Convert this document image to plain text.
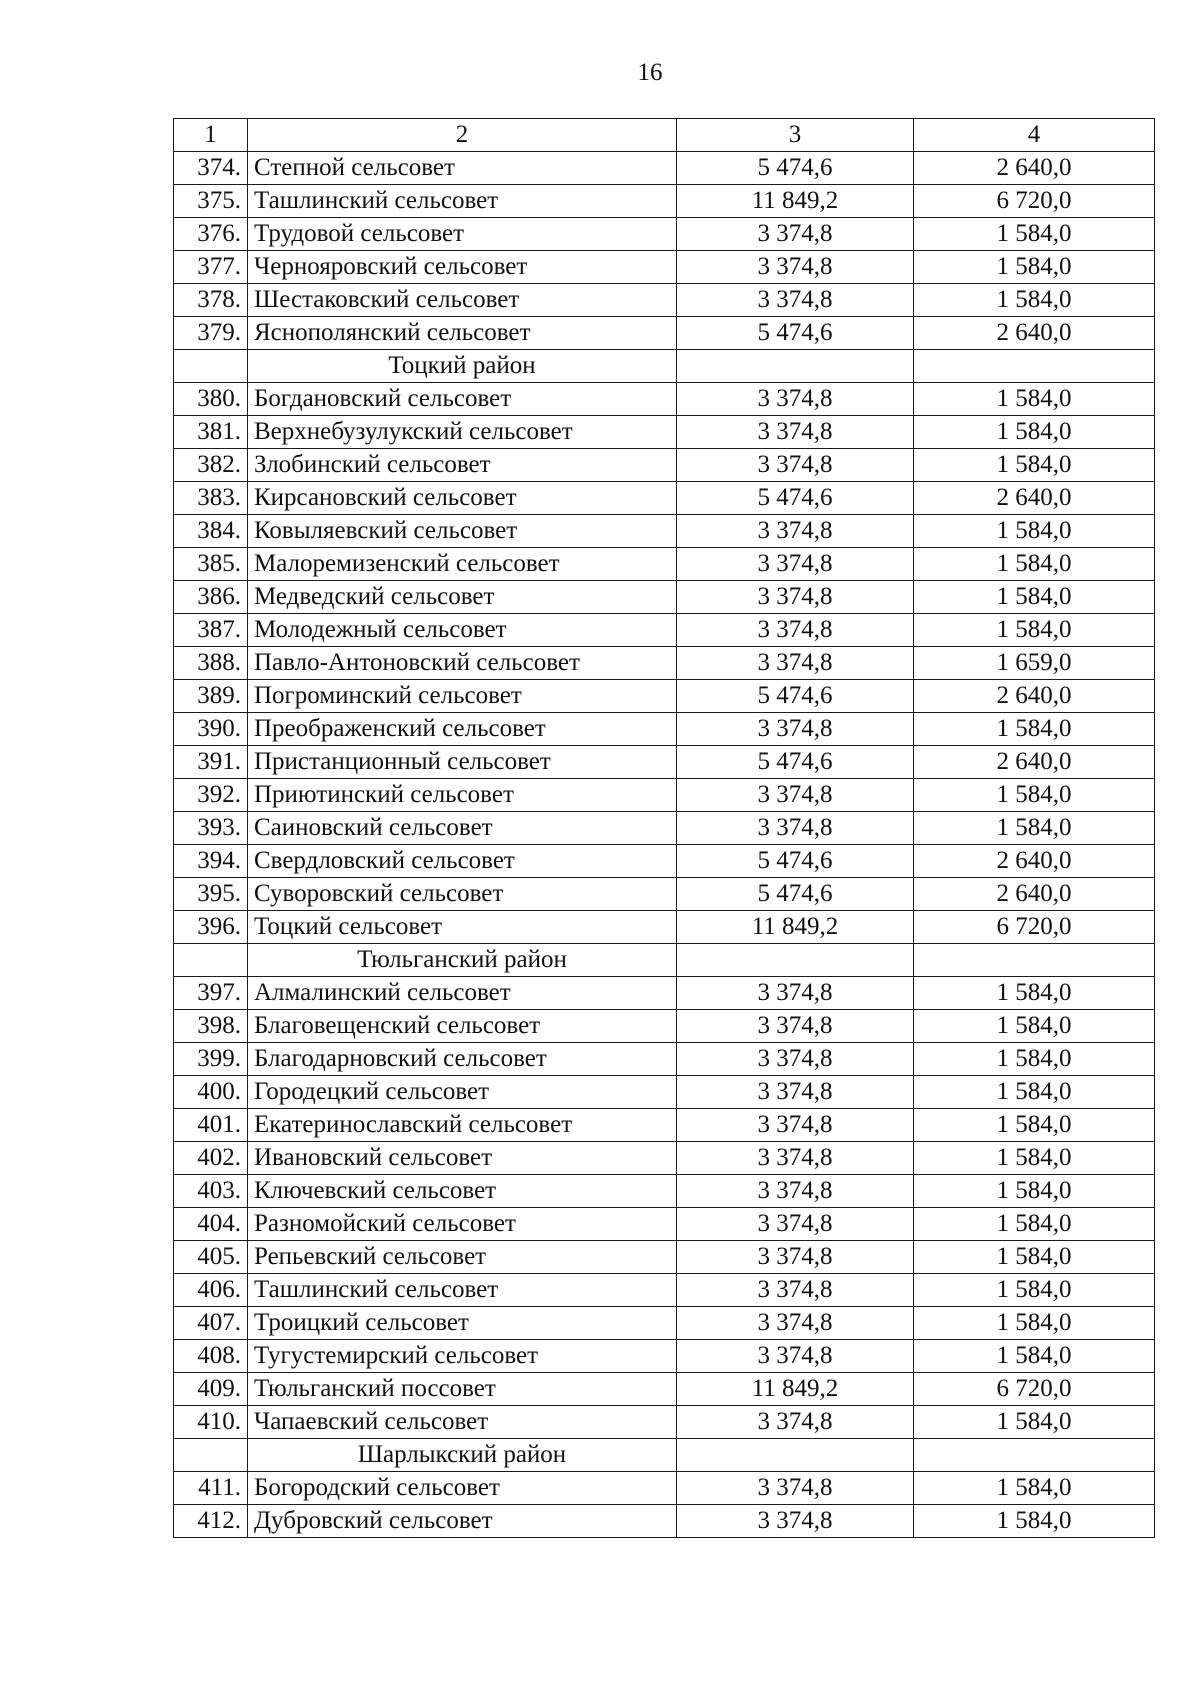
16
1	2	3	4
374.	Степной сельсовет	5 474,6	2 640,0
375.	Ташлинский сельсовет	11 849,2	6 720,0
376.	Трудовой сельсовет	3 374,8	1 584,0
377.	Черноярoвский сельсовет	3 374,8	1 584,0
378.	Шестаковский сельсовет	3 374,8	1 584,0
379.	Яснополянский сельсовет	5 474,6	2 640,0
	Тоцкий район		
380.	Богдановский сельсовет	3 374,8	1 584,0
381.	Верхнебузулукский сельсовет	3 374,8	1 584,0
382.	Злобинский сельсовет	3 374,8	1 584,0
383.	Кирсановский сельсовет	5 474,6	2 640,0
384.	Ковыляевский сельсовет	3 374,8	1 584,0
385.	Малоремизенский сельсовет	3 374,8	1 584,0
386.	Медведский сельсовет	3 374,8	1 584,0
387.	Молодежный сельсовет	3 374,8	1 584,0
388.	Павло-Антоновский сельсовет	3 374,8	1 659,0
389.	Погроминский сельсовет	5 474,6	2 640,0
390.	Преображенский сельсовет	3 374,8	1 584,0
391.	Пристанционный сельсовет	5 474,6	2 640,0
392.	Приютинский сельсовет	3 374,8	1 584,0
393.	Саиновский сельсовет	3 374,8	1 584,0
394.	Свердловский сельсовет	5 474,6	2 640,0
395.	Суворовский сельсовет	5 474,6	2 640,0
396.	Тоцкий сельсовет	11 849,2	6 720,0
	Тюльганский район		
397.	Алмалинский сельсовет	3 374,8	1 584,0
398.	Благовещенский сельсовет	3 374,8	1 584,0
399.	Благодарновский сельсовет	3 374,8	1 584,0
400.	Городецкий сельсовет	3 374,8	1 584,0
401.	Екатеринославский сельсовет	3 374,8	1 584,0
402.	Ивановский сельсовет	3 374,8	1 584,0
403.	Ключевский сельсовет	3 374,8	1 584,0
404.	Разномойский сельсовет	3 374,8	1 584,0
405.	Репьевский сельсовет	3 374,8	1 584,0
406.	Ташлинский сельсовет	3 374,8	1 584,0
407.	Троицкий сельсовет	3 374,8	1 584,0
408.	Тугустемирский сельсовет	3 374,8	1 584,0
409.	Тюльганский поссовет	11 849,2	6 720,0
410.	Чапаевский сельсовет	3 374,8	1 584,0
	Шарлыкский район		
411.	Богородский сельсовет	3 374,8	1 584,0
412.	Дубровский сельсовет	3 374,8	1 584,0
